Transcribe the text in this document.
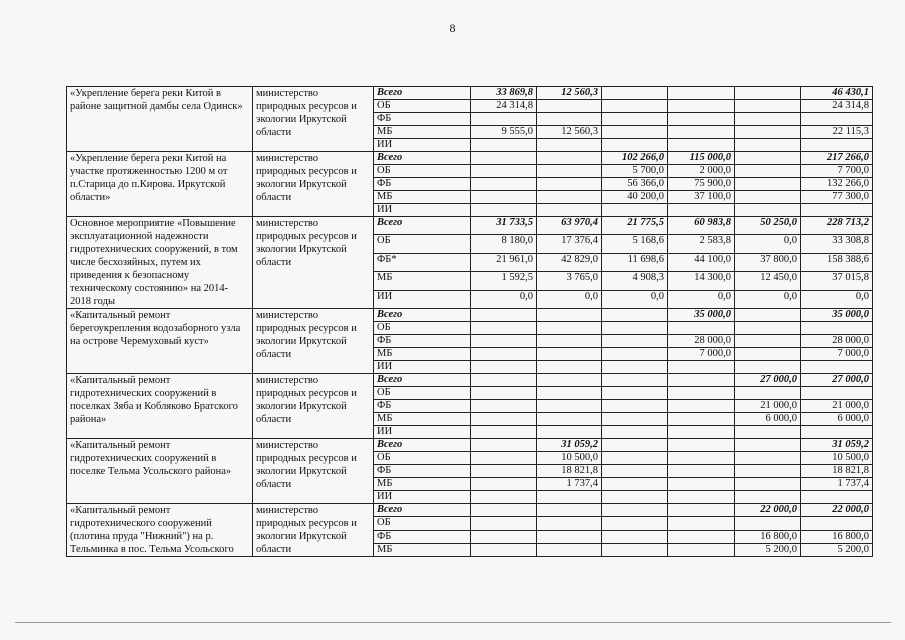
8
«Укрепление берега реки Китой в районе защитной дамбы села Одинск»	министерство природных ресурсов и экологии Иркутской области	Всего	33 869,8	12 560,3				46 430,1
		ОБ	24 314,8					24 314,8
		ФБ						
		МБ	9 555,0	12 560,3				22 115,3
		ИИ						
«Укрепление берега реки Китой на участке протяженностью 1200 м от п.Старица до п.Кирова. Иркутской области»	министерство природных ресурсов и экологии Иркутской области	Всего			102 266,0	115 000,0		217 266,0
		ОБ			5 700,0	2 000,0		7 700,0
		ФБ			56 366,0	75 900,0		132 266,0
		МБ			40 200,0	37 100,0		77 300,0
		ИИ						
Основное мероприятие «Повышение эксплуатационной надежности гидротехнических сооружений, в том числе бесхозяйных, путем их приведения к безопасному техническому состоянию» на 2014-2018 годы	министерство природных ресурсов и экологии Иркутской области	Всего	31 733,5	63 970,4	21 775,5	60 983,8	50 250,0	228 713,2
		ОБ	8 180,0	17 376,4	5 168,6	2 583,8	0,0	33 308,8
		ФБ*	21 961,0	42 829,0	11 698,6	44 100,0	37 800,0	158 388,6
		МБ	1 592,5	3 765,0	4 908,3	14 300,0	12 450,0	37 015,8
		ИИ	0,0	0,0	0,0	0,0	0,0	0,0
«Капитальный ремонт берегоукрепления водозаборного узла на острове Черемуховый куст»	министерство природных ресурсов и экологии Иркутской области	Всего				35 000,0		35 000,0
		ОБ						
		ФБ				28 000,0		28 000,0
		МБ				7 000,0		7 000,0
		ИИ						
«Капитальный ремонт гидротехнических сооружений в поселках Зяба и Кобляково Братского района»	министерство природных ресурсов и экологии Иркутской области	Всего					27 000,0	27 000,0
		ОБ						
		ФБ					21 000,0	21 000,0
		МБ					6 000,0	6 000,0
		ИИ						
«Капитальный ремонт гидротехнических сооружений в поселке Тельма Усольского района»	министерство природных ресурсов и экологии Иркутской области	Всего		31 059,2				31 059,2
		ОБ		10 500,0				10 500,0
		ФБ		18 821,8				18 821,8
		МБ		1 737,4				1 737,4
		ИИ						
«Капитальный ремонт гидротехнического сооружений (плотина пруда "Нижний") на р. Тельминка в пос. Тельма Усольского	министерство природных ресурсов и экологии Иркутской области	Всего					22 000,0	22 000,0
		ОБ						
		ФБ					16 800,0	16 800,0
		МБ					5 200,0	5 200,0
